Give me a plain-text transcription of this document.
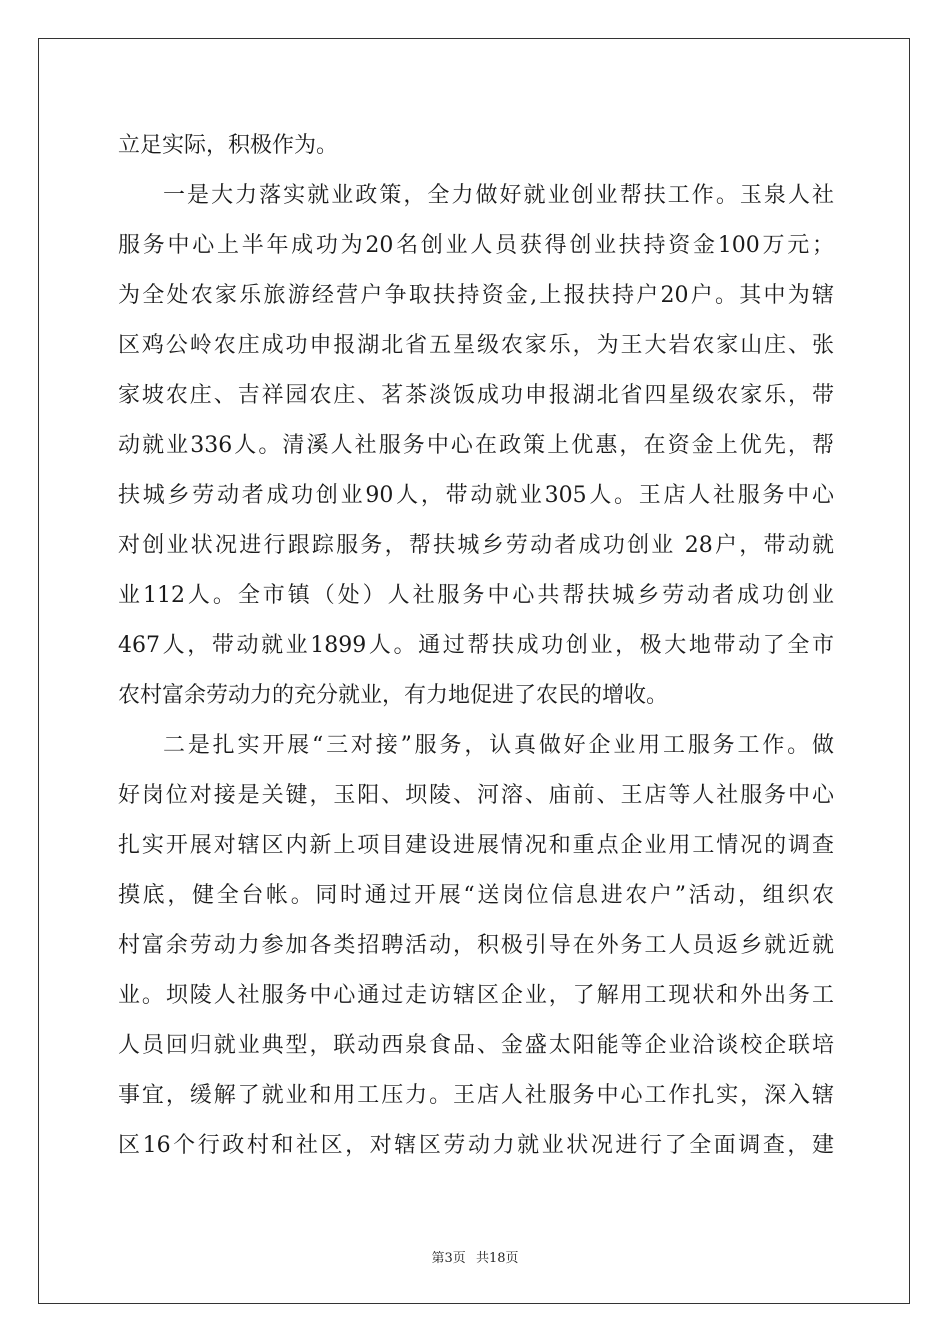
立足实际，积极作为。
一是大力落实就业政策，全力做好就业创业帮扶工作。玉泉人社
服务中心上半年成功为20名创业人员获得创业扶持资金100万元；
为全处农家乐旅游经营户争取扶持资金,上报扶持户20户。其中为辖
区鸡公岭农庄成功申报湖北省五星级农家乐，为王大岩农家山庄、张
家坡农庄、吉祥园农庄、茗茶淡饭成功申报湖北省四星级农家乐，带
动就业336人。清溪人社服务中心在政策上优惠，在资金上优先，帮
扶城乡劳动者成功创业90人，带动就业305人。王店人社服务中心
对创业状况进行跟踪服务，帮扶城乡劳动者成功创业 28户，带动就
业112人。全市镇（处）人社服务中心共帮扶城乡劳动者成功创业
467人，带动就业1899人。通过帮扶成功创业，极大地带动了全市
农村富余劳动力的充分就业，有力地促进了农民的增收。
二是扎实开展“三对接”服务，认真做好企业用工服务工作。做
好岗位对接是关键，玉阳、坝陵、河溶、庙前、王店等人社服务中心
扎实开展对辖区内新上项目建设进展情况和重点企业用工情况的调查
摸底，健全台帐。同时通过开展“送岗位信息进农户”活动，组织农
村富余劳动力参加各类招聘活动，积极引导在外务工人员返乡就近就
业。坝陵人社服务中心通过走访辖区企业，了解用工现状和外出务工
人员回归就业典型，联动西泉食品、金盛太阳能等企业洽谈校企联培
事宜，缓解了就业和用工压力。王店人社服务中心工作扎实，深入辖
区16个行政村和社区，对辖区劳动力就业状况进行了全面调查，建
第3页 共18页
